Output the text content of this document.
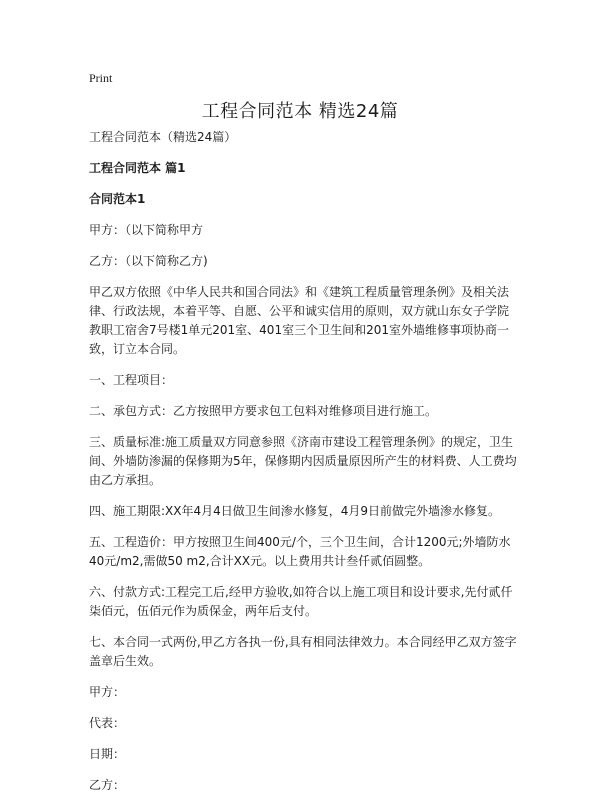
Print
工程合同范本 精选24篇

工程合同范本（精选24篇）

工程合同范本 篇1

合同范本1

甲方：（以下简称甲方

乙方：（以下简称乙方)

甲乙双方依照《中华人民共和国合同法》和《建筑工程质量管理条例》及相关法律、行政法规，本着平等、自愿、公平和诚实信用的原则，双方就山东女子学院教职工宿舍7号楼1单元201室、401室三个卫生间和201室外墙维修事项协商一致，订立本合同。

一、工程项目：

二、承包方式：乙方按照甲方要求包工包料对维修项目进行施工。

三、质量标准:施工质量双方同意参照《济南市建设工程管理条例》的规定，卫生间、外墙防渗漏的保修期为5年，保修期内因质量原因所产生的材料费、人工费均由乙方承担。

四、施工期限:XX年4月4日做卫生间渗水修复，4月9日前做完外墙渗水修复。

五、工程造价：甲方按照卫生间400元/个，三个卫生间，合计1200元;外墙防水40元/m2,需做50 m2,合计XX元。以上费用共计叁仟贰佰圆整。

六、付款方式:工程完工后,经甲方验收,如符合以上施工项目和设计要求,先付贰仟柒佰元，伍佰元作为质保金，两年后支付。

七、本合同一式两份,甲乙方各执一份,具有相同法律效力。本合同经甲乙双方签字盖章后生效。

甲方：

代表：

日期：

乙方：
